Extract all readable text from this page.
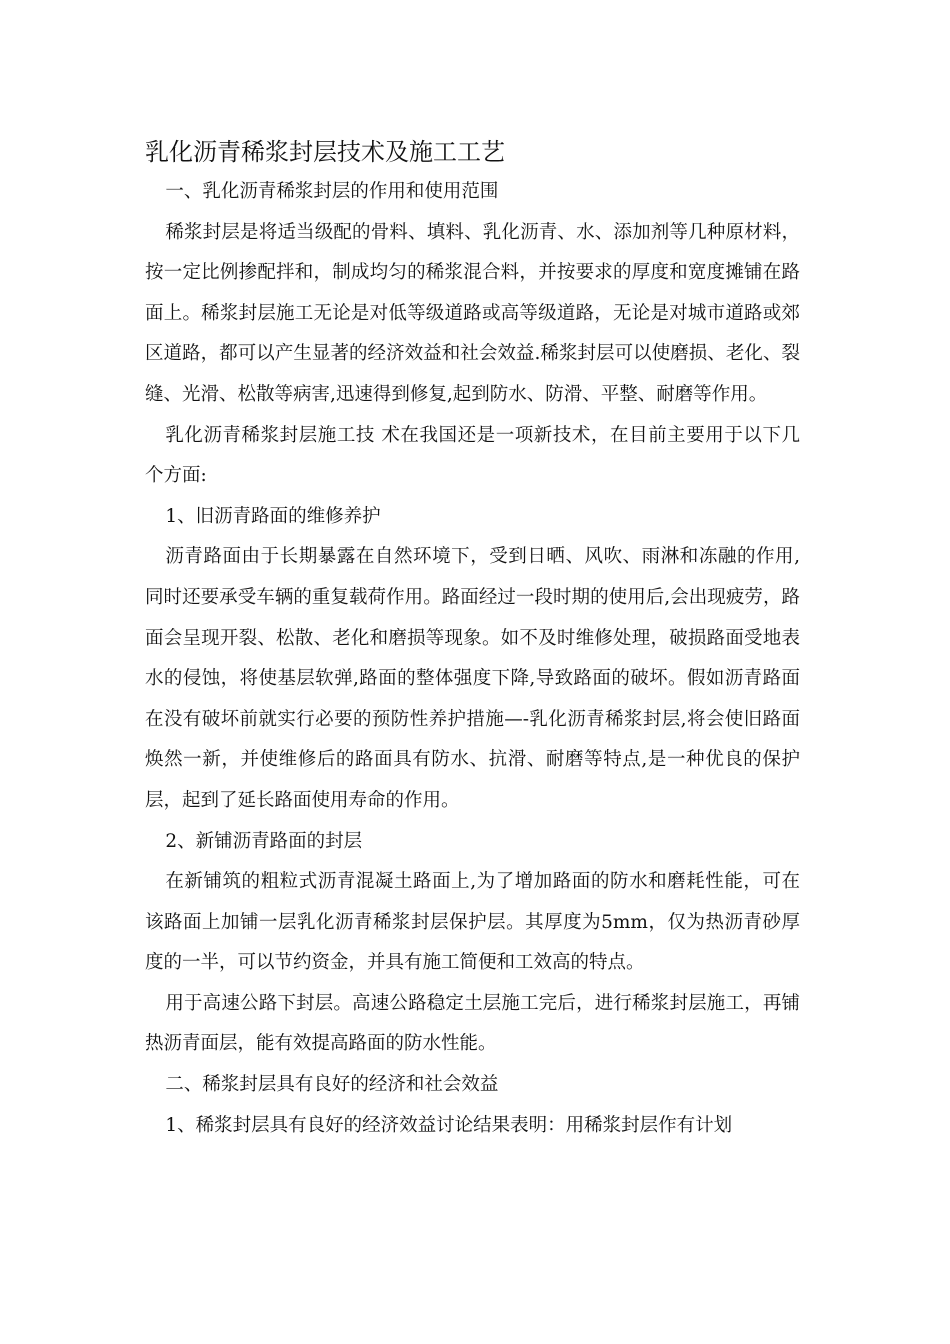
乳化沥青稀浆封层技术及施工工艺

一、乳化沥青稀浆封层的作用和使用范围

稀浆封层是将适当级配的骨料、填料、乳化沥青、水、添加剂等几种原材料，按一定比例掺配拌和，制成均匀的稀浆混合料，并按要求的厚度和宽度摊铺在路面上。稀浆封层施工无论是对低等级道路或高等级道路，无论是对城市道路或郊区道路，都可以产生显著的经济效益和社会效益.稀浆封层可以使磨损、老化、裂缝、光滑、松散等病害,迅速得到修复,起到防水、防滑、平整、耐磨等作用。

乳化沥青稀浆封层施工技 术在我国还是一项新技术，在目前主要用于以下几个方面:

1、旧沥青路面的维修养护

沥青路面由于长期暴露在自然环境下，受到日晒、风吹、雨淋和冻融的作用,同时还要承受车辆的重复载荷作用。路面经过一段时期的使用后,会出现疲劳，路面会呈现开裂、松散、老化和磨损等现象。如不及时维修处理，破损路面受地表水的侵蚀，将使基层软弹,路面的整体强度下降,导致路面的破坏。假如沥青路面在没有破坏前就实行必要的预防性养护措施—-乳化沥青稀浆封层,将会使旧路面焕然一新，并使维修后的路面具有防水、抗滑、耐磨等特点,是一种优良的保护层，起到了延长路面使用寿命的作用。

2、新铺沥青路面的封层

在新铺筑的粗粒式沥青混凝土路面上,为了增加路面的防水和磨耗性能，可在该路面上加铺一层乳化沥青稀浆封层保护层。其厚度为5mm，仅为热沥青砂厚度的一半，可以节约资金，并具有施工简便和工效高的特点。

用于高速公路下封层。高速公路稳定土层施工完后，进行稀浆封层施工，再铺热沥青面层，能有效提高路面的防水性能。

二、稀浆封层具有良好的经济和社会效益

1、稀浆封层具有良好的经济效益讨论结果表明：用稀浆封层作有计划
